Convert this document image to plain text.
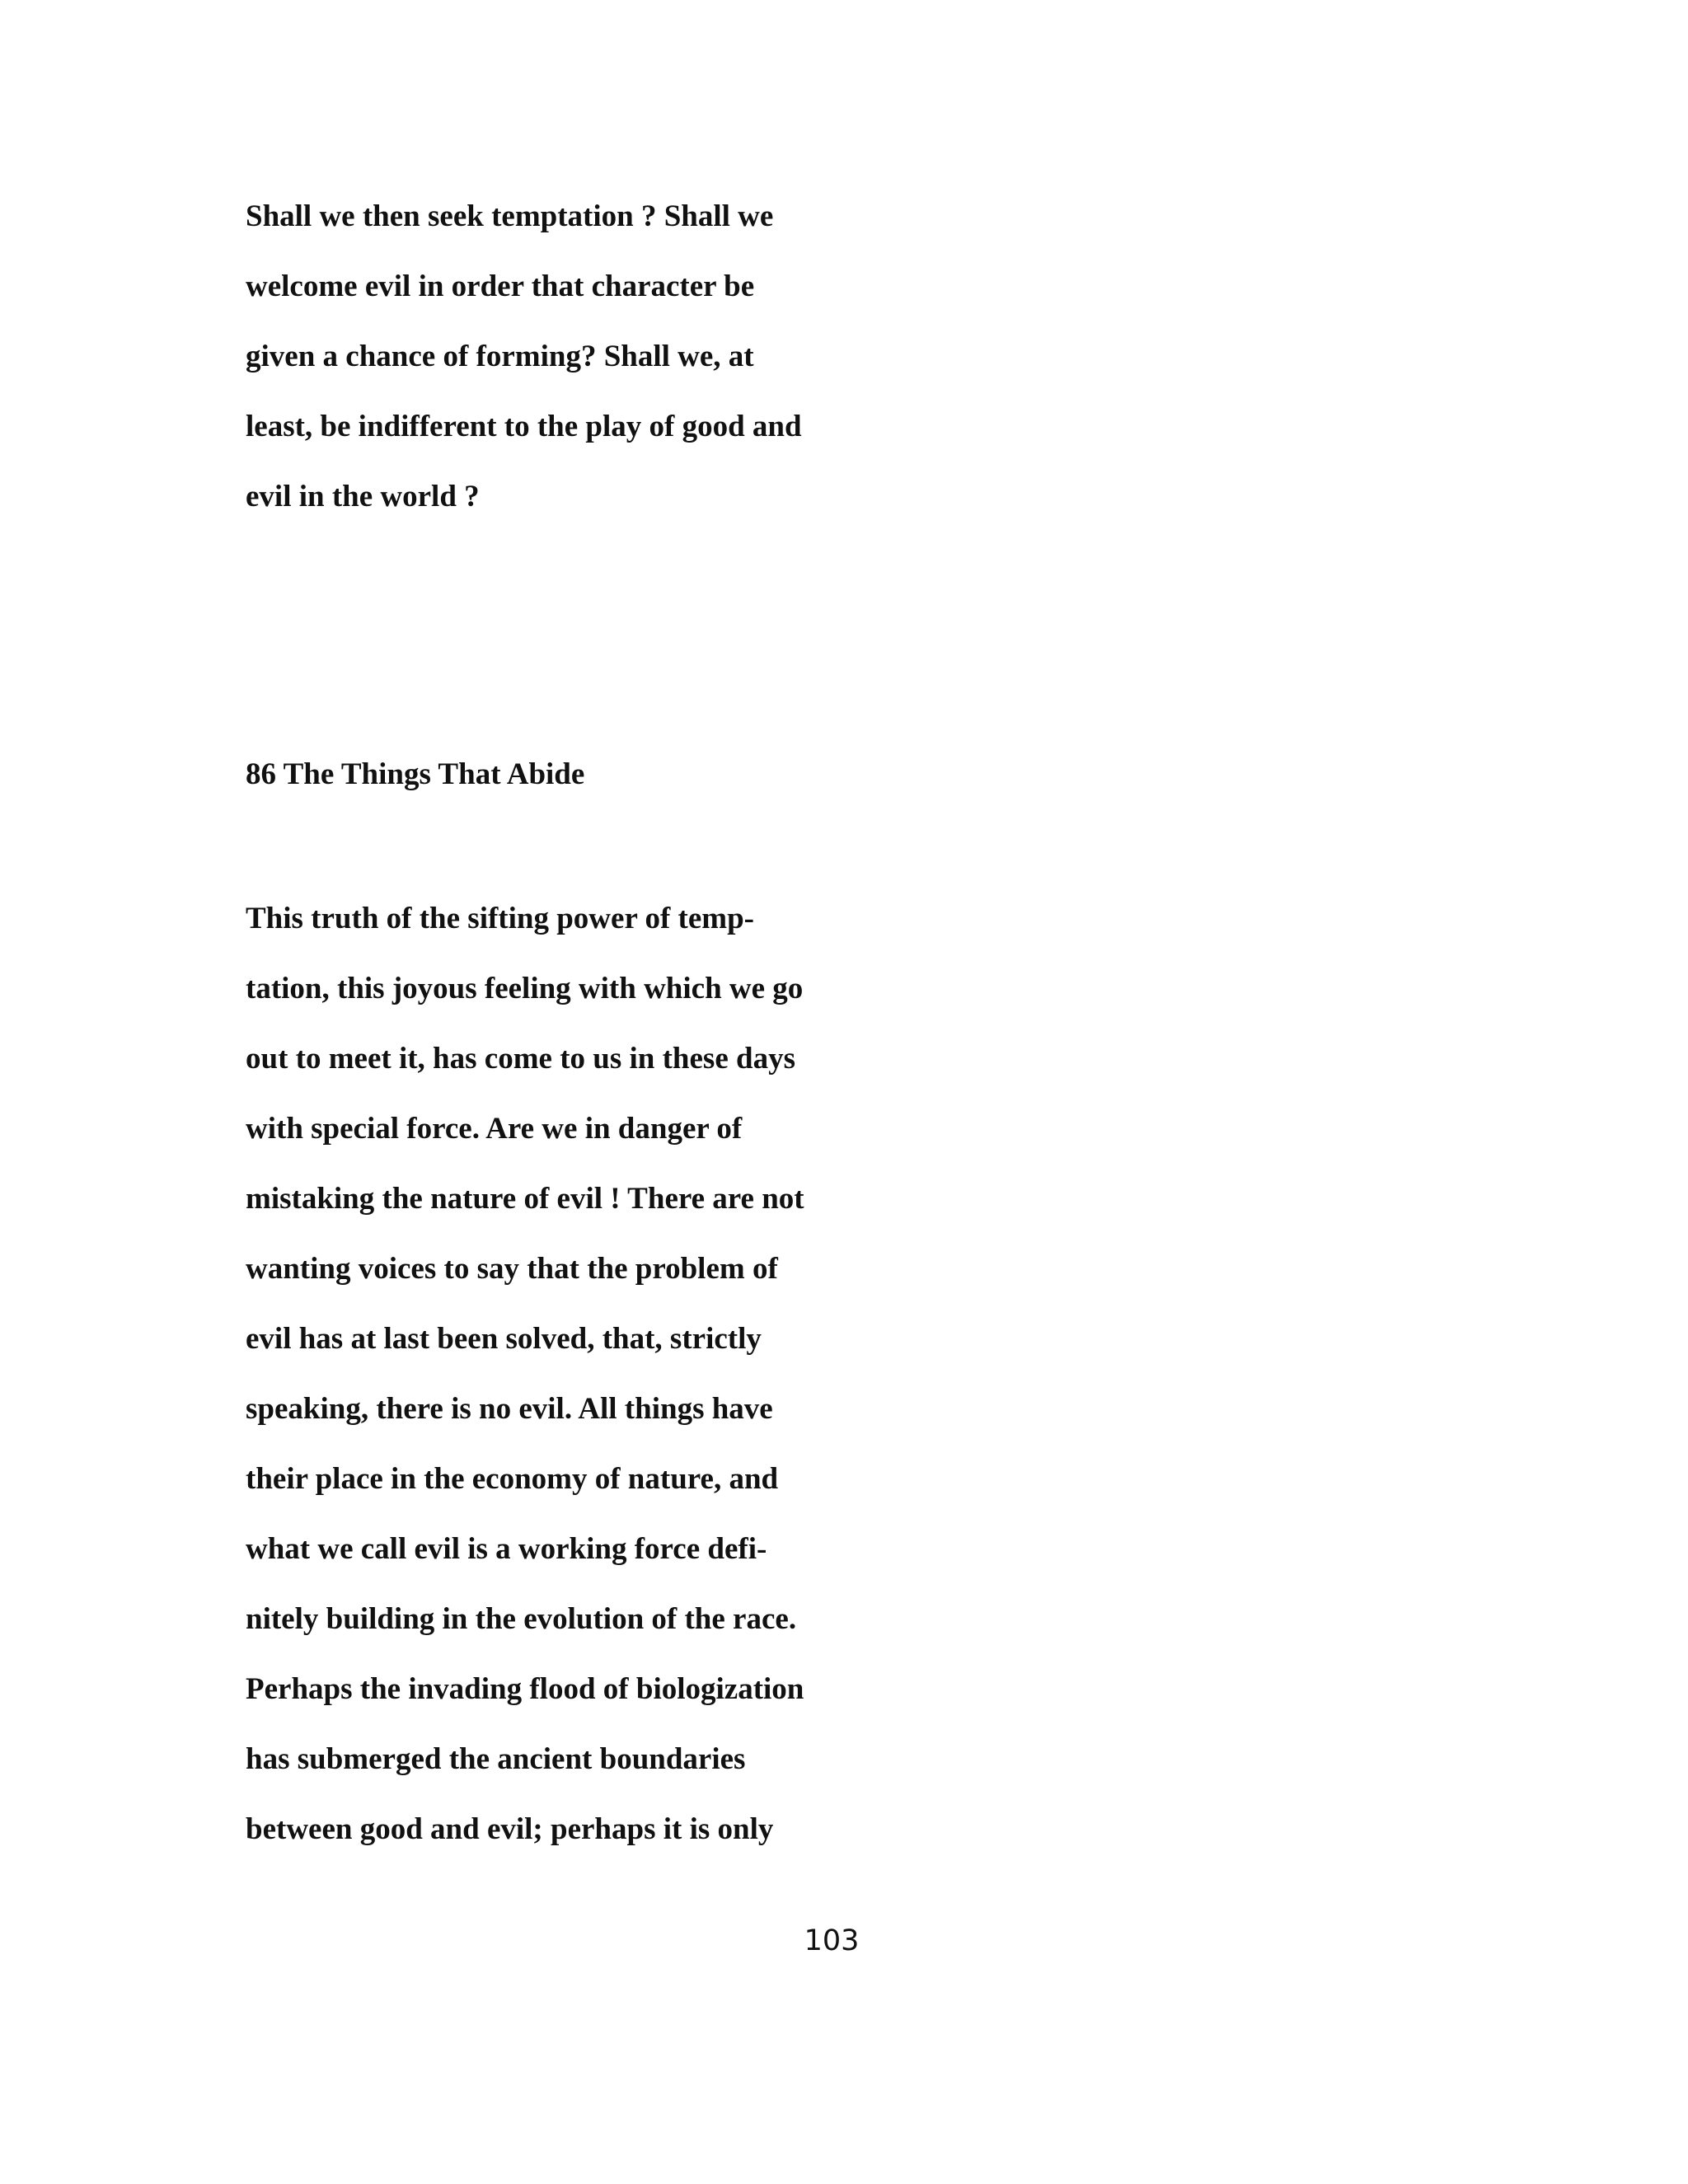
Shall we then seek temptation ? Shall we
welcome evil in order that character be
given a chance of forming? Shall we, at
least, be indifferent to the play of good and
evil in the world ?
86 The Things That Abide
This truth of the sifting power of temp-
tation, this joyous feeling with which we go
out to meet it, has come to us in these days
with special force. Are we in danger of
mistaking the nature of evil ! There are not
wanting voices to say that the problem of
evil has at last been solved, that, strictly
speaking, there is no evil. All things have
their place in the economy of nature, and
what we call evil is a working force defi-
nitely building in the evolution of the race.
Perhaps the invading flood of biologization
has submerged the ancient boundaries
between good and evil; perhaps it is only
103
